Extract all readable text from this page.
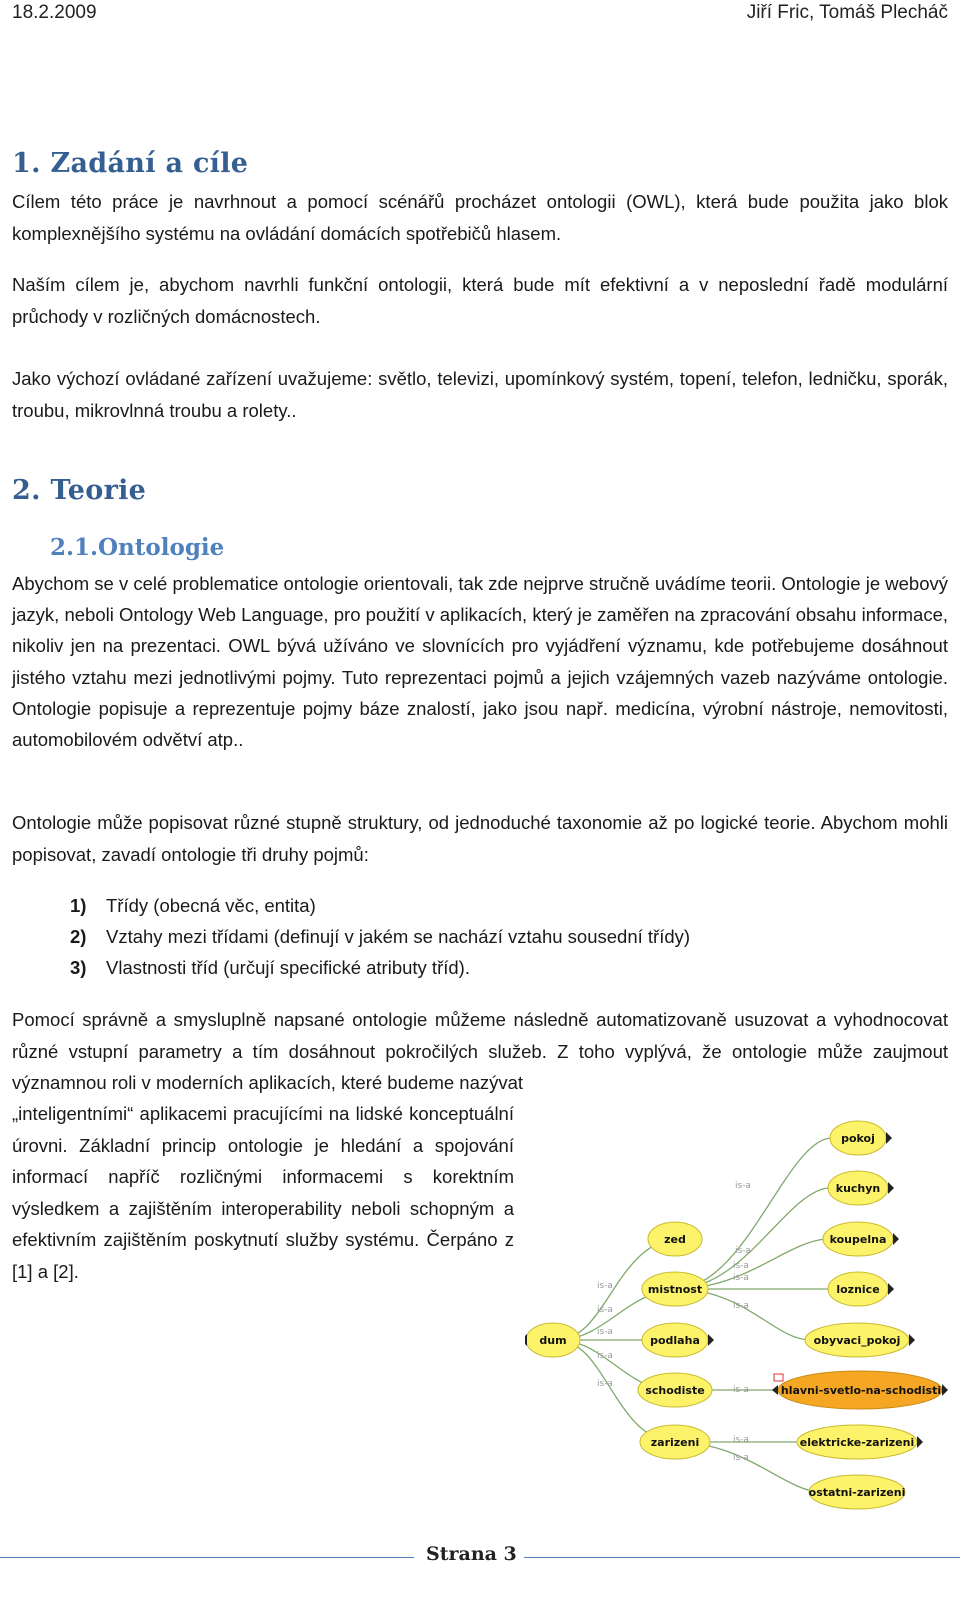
18.2.2009	Jiří Fric, Tomáš Plecháč
1. Zadání a cíle
Cílem této práce je navrhnout a pomocí scénářů procházet ontologii (OWL), která bude použita jako blok komplexnějšího systému na ovládání domácích spotřebičů hlasem.
Naším cílem je, abychom navrhli funkční ontologii, která bude mít efektivní a v neposlední řadě modulární průchody v rozličných domácnostech.
Jako výchozí ovládané zařízení uvažujeme: světlo, televizi, upomínkový systém, topení, telefon, ledničku, sporák, troubu, mikrovlnná troubu a rolety..
2. Teorie
2.1.Ontologie
Abychom se v celé problematice ontologie orientovali, tak zde nejprve stručně uvádíme teorii. Ontologie je webový jazyk, neboli Ontology Web Language, pro použití v aplikacích, který je zaměřen na zpracování obsahu informace, nikoliv jen na prezentaci. OWL bývá užíváno ve slovnících pro vyjádření významu, kde potřebujeme dosáhnout jistého vztahu mezi jednotlivými pojmy. Tuto reprezentaci pojmů a jejich vzájemných vazeb nazýváme ontologie. Ontologie popisuje a reprezentuje pojmy báze znalostí, jako jsou např. medicína, výrobní nástroje, nemovitosti, automobilovém odvětví atp..
Ontologie může popisovat různé stupně struktury, od jednoduché taxonomie až po logické teorie. Abychom mohli popisovat, zavadí ontologie tři druhy pojmů:
1) Třídy (obecná věc, entita)
2) Vztahy mezi třídami (definují v jakém se nachází vztahu sousední třídy)
3) Vlastnosti tříd (určují specifické atributy tříd).
Pomocí správně a smysluplně napsané ontologie můžeme následně automatizovaně usuzovat a vyhodnocovat různé vstupní parametry a tím dosáhnout pokročilých služeb. Z toho vyplývá, že ontologie může zaujmout významnou roli v moderních aplikacích, které budeme nazývat
„inteligentními“ aplikacemi pracujícími na lidské konceptuální úrovni. Základní princip ontologie je hledání a spojování informací napříč rozličnými informacemi s korektním výsledkem a zajištěním interoperability neboli schopným a efektivním zajištěním poskytnutí služby systému. Čerpáno z [1] a [2].
is-a
is-a
is-a
is-a
is-a
is-a
is-a
is-a
is-a
is-a
is-a
is-a
is-a
dum
zed
mistnost
podlaha
schodiste
zarizeni
pokoj
kuchyn
koupelna
loznice
obyvaci_pokoj
hlavni-svetlo-na-schodisti
elektricke-zarizeni
ostatni-zarizeni
Strana 3
